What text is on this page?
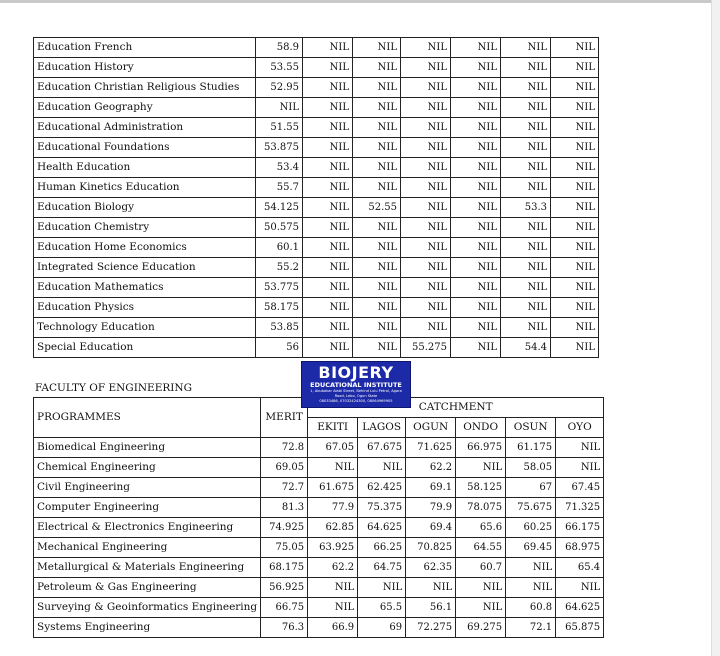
Education French	58.9	NIL	NIL	NIL	NIL	NIL	NIL
Education History	53.55	NIL	NIL	NIL	NIL	NIL	NIL
Education Christian Religious Studies	52.95	NIL	NIL	NIL	NIL	NIL	NIL
Education Geography	NIL	NIL	NIL	NIL	NIL	NIL	NIL
Educational Administration	51.55	NIL	NIL	NIL	NIL	NIL	NIL
Educational Foundations	53.875	NIL	NIL	NIL	NIL	NIL	NIL
Health Education	53.4	NIL	NIL	NIL	NIL	NIL	NIL
Human Kinetics Education	55.7	NIL	NIL	NIL	NIL	NIL	NIL
Education Biology	54.125	NIL	52.55	NIL	NIL	53.3	NIL
Education Chemistry	50.575	NIL	NIL	NIL	NIL	NIL	NIL
Education Home Economics	60.1	NIL	NIL	NIL	NIL	NIL	NIL
Integrated Science Education	55.2	NIL	NIL	NIL	NIL	NIL	NIL
Education Mathematics	53.775	NIL	NIL	NIL	NIL	NIL	NIL
Education Physics	58.175	NIL	NIL	NIL	NIL	NIL	NIL
Technology Education	53.85	NIL	NIL	NIL	NIL	NIL	NIL
Special Education	56	NIL	NIL	55.275	NIL	54.4	NIL
FACULTY OF ENGINEERING
PROGRAMMES	MERIT	CATCHMENT					
		EKITI	LAGOS	OGUN	ONDO	OSUN	OYO
Biomedical Engineering	72.8	67.05	67.675	71.625	66.975	61.175	NIL
Chemical Engineering	69.05	NIL	NIL	62.2	NIL	58.05	NIL
Civil Engineering	72.7	61.675	62.425	69.1	58.125	67	67.45
Computer Engineering	81.3	77.9	75.375	79.9	78.075	75.675	71.325
Electrical & Electronics Engineering	74.925	62.85	64.625	69.4	65.6	60.25	66.175
Mechanical Engineering	75.05	63.925	66.25	70.825	64.55	69.45	68.975
Metallurgical & Materials Engineering	68.175	62.2	64.75	62.35	60.7	NIL	65.4
Petroleum & Gas Engineering	56.925	NIL	NIL	NIL	NIL	NIL	NIL
Surveying & Geoinformatics Engineering	66.75	NIL	65.5	56.1	NIL	60.8	64.625
Systems Engineering	76.3	66.9	69	72.275	69.275	72.1	65.875
BIOJERY
EDUCATIONAL INSTITUTE
1, Abubakar Alabi Street, Behind Lulu Petrol, Agara Road, Lebo, Ogun State
08033486, 07032424300, 08064969905
